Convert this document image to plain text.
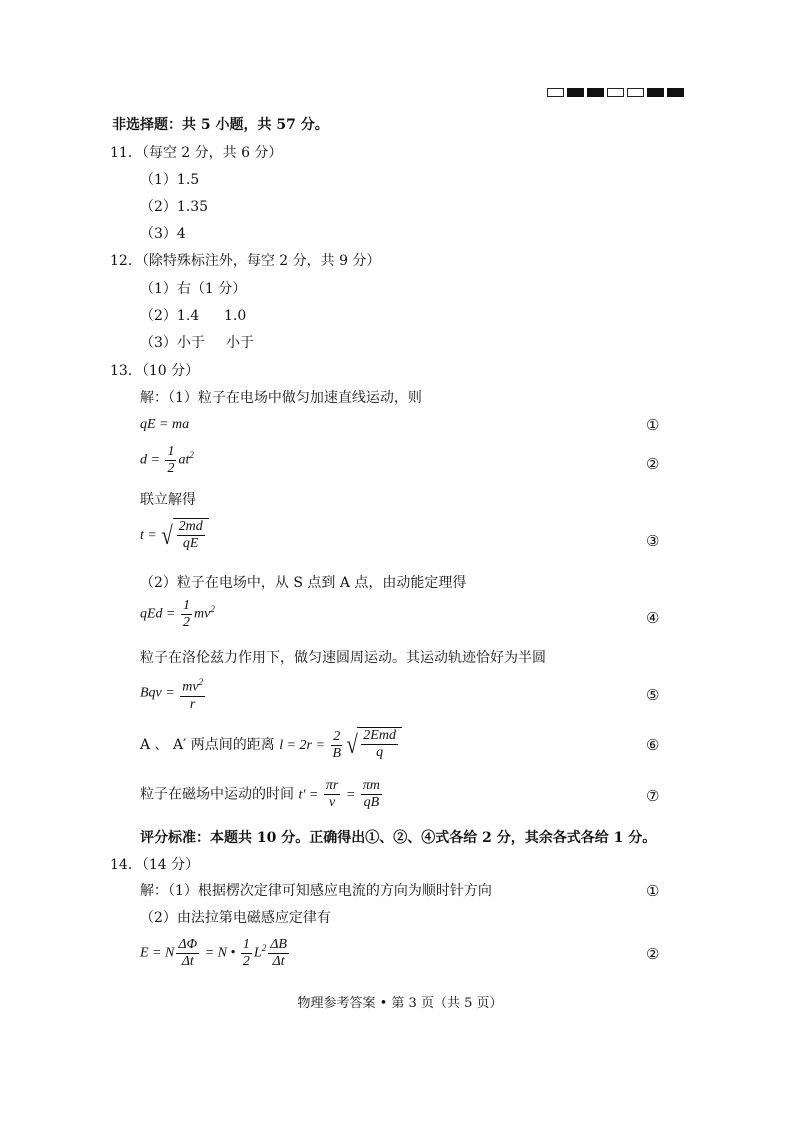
非选择题：共 5 小题，共 57 分。
11．（每空 2 分，共 6 分）
（1）1.5
（2）1.35
（3）4
12．（除特殊标注外，每空 2 分，共 9 分）
（1）右（1 分）
（2）1.4 1.0
（3）小于 小于
13．（10 分）
解：（1）粒子在电场中做匀加速直线运动，则
qE = ma	①
$d = \frac{1}{2} at^2$	②
联立解得
t = √ $\frac{2md}{qE}$	③
（2）粒子在电场中，从 S 点到 A 点，由动能定理得
qEd = $\frac{1}{2} mv^2$	④
粒子在洛伦兹力作用下，做匀速圆周运动。其运动轨迹恰好为半圆
Bqv = $\frac{mv^2}{r}$	⑤
A 、 A′ 两点间的距离 $l = 2r = \frac{2}{B}$ √ $\frac{\text{2Emd}}{q}$	⑥
粒子在磁场中运动的时间 $t' = \frac{\pi r}{v} = \frac{\pi m}{qB}$	⑦
评分标准：本题共 10 分。正确得出①、②、④式各给 2 分，其余各式各给 1 分。
14．（14 分）
解：（1）根据楞次定律可知感应电流的方向为顺时针方向	①
（2）由法拉第电磁感应定律有
E = N $\frac{\Delta\Phi}{\Delta t} = N$ • $\frac{1}{2} L^2 \frac{\Delta B}{\Delta t}$	②
物理参考答案 • 第 3 页（共 5 页）
